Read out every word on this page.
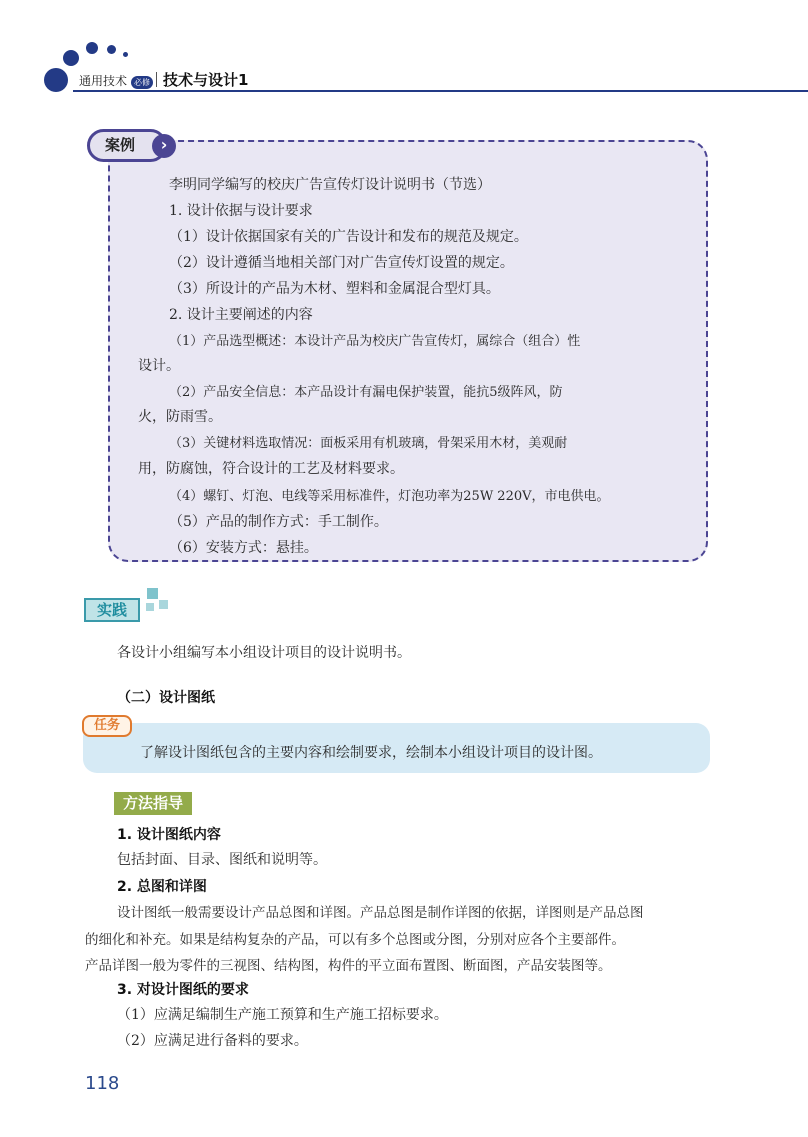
通用技术 必修 技术与设计1
案例	›
李明同学编写的校庆广告宣传灯设计说明书（节选）
1. 设计依据与设计要求
（1）设计依据国家有关的广告设计和发布的规范及规定。
（2）设计遵循当地相关部门对广告宣传灯设置的规定。
（3）所设计的产品为木材、塑料和金属混合型灯具。
2. 设计主要阐述的内容
（1）产品选型概述：本设计产品为校庆广告宣传灯，属综合（组合）性
设计。
（2）产品安全信息：本产品设计有漏电保护装置，能抗5级阵风，防
火，防雨雪。
（3）关键材料选取情况：面板采用有机玻璃，骨架采用木材，美观耐
用，防腐蚀，符合设计的工艺及材料要求。
（4）螺钉、灯泡、电线等采用标准件，灯泡功率为25W 220V，市电供电。
（5）产品的制作方式：手工制作。
（6）安装方式：悬挂。
实践
各设计小组编写本小组设计项目的设计说明书。
（二）设计图纸
任务
了解设计图纸包含的主要内容和绘制要求，绘制本小组设计项目的设计图。
方法指导
1. 设计图纸内容
包括封面、目录、图纸和说明等。
2. 总图和详图
设计图纸一般需要设计产品总图和详图。产品总图是制作详图的依据，详图则是产品总图
的细化和补充。如果是结构复杂的产品，可以有多个总图或分图，分别对应各个主要部件。
产品详图一般为零件的三视图、结构图，构件的平立面布置图、断面图，产品安装图等。
3. 对设计图纸的要求
（1）应满足编制生产施工预算和生产施工招标要求。
（2）应满足进行备料的要求。
118
